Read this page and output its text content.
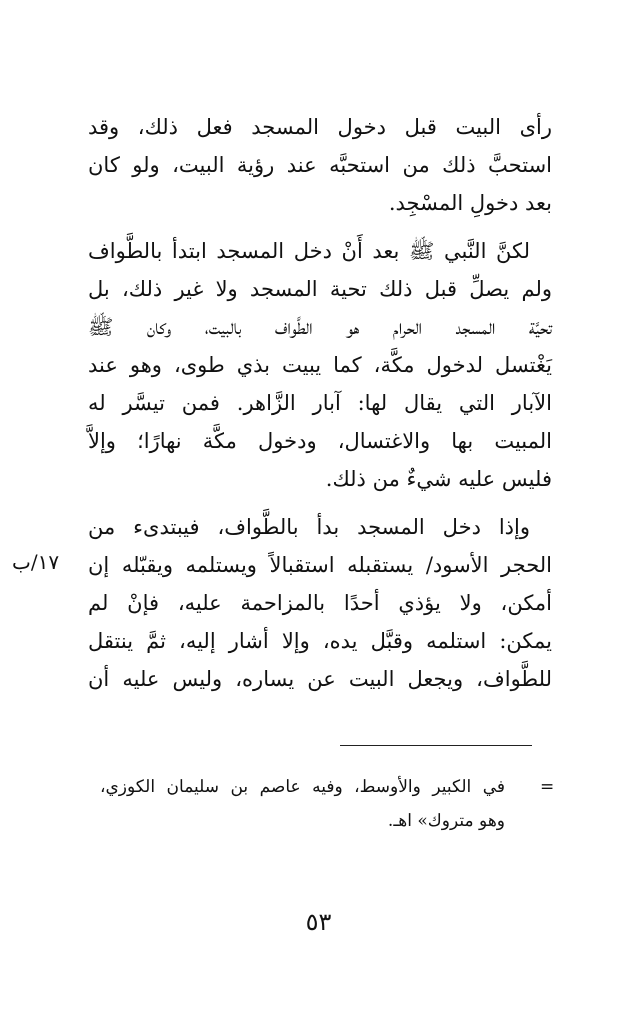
رأى البيت قبل دخول المسجد فعل ذلك، وقد
استحبَّ ذلك من استحبَّه عند رؤية البيت، ولو كان
بعد دخولِ المسْجِد.
لكنَّ النَّبي ﷺ بعد أَنْ دخل المسجد ابتدأ بالطَّواف
ولم يصلِّ قبل ذلك تحية المسجد ولا غير ذلك، بل
تحيَّة المسجد الحرام هو الطَّواف بالبيت، وكان ﷺ
يَغْتسل لدخول مكَّة، كما يبيت بذي طوى، وهو عند
الآبار التي يقال لها: آبار الزَّاهر. فمن تيسَّر له
المبيت بها والاغتسال، ودخول مكَّة نهارًا؛ وإلاَّ
فليس عليه شيءٌ من ذلك.
وإذا دخل المسجد بدأ بالطَّواف، فيبتدىء من
الحجر الأسود/ يستقبله استقبالاً ويستلمه ويقبّله إن
أمكن، ولا يؤذي أحدًا بالمزاحمة عليه، فإنْ لم
يمكن: استلمه وقبَّل يده، وإلا أشار إليه، ثمَّ ينتقل
للطَّواف، ويجعل البيت عن يساره، وليس عليه أن
١٧/ب
=
في الكبير والأوسط، وفيه عاصم بن سليمان الكوزي،
وهو متروك» اهـ.
٥٣
